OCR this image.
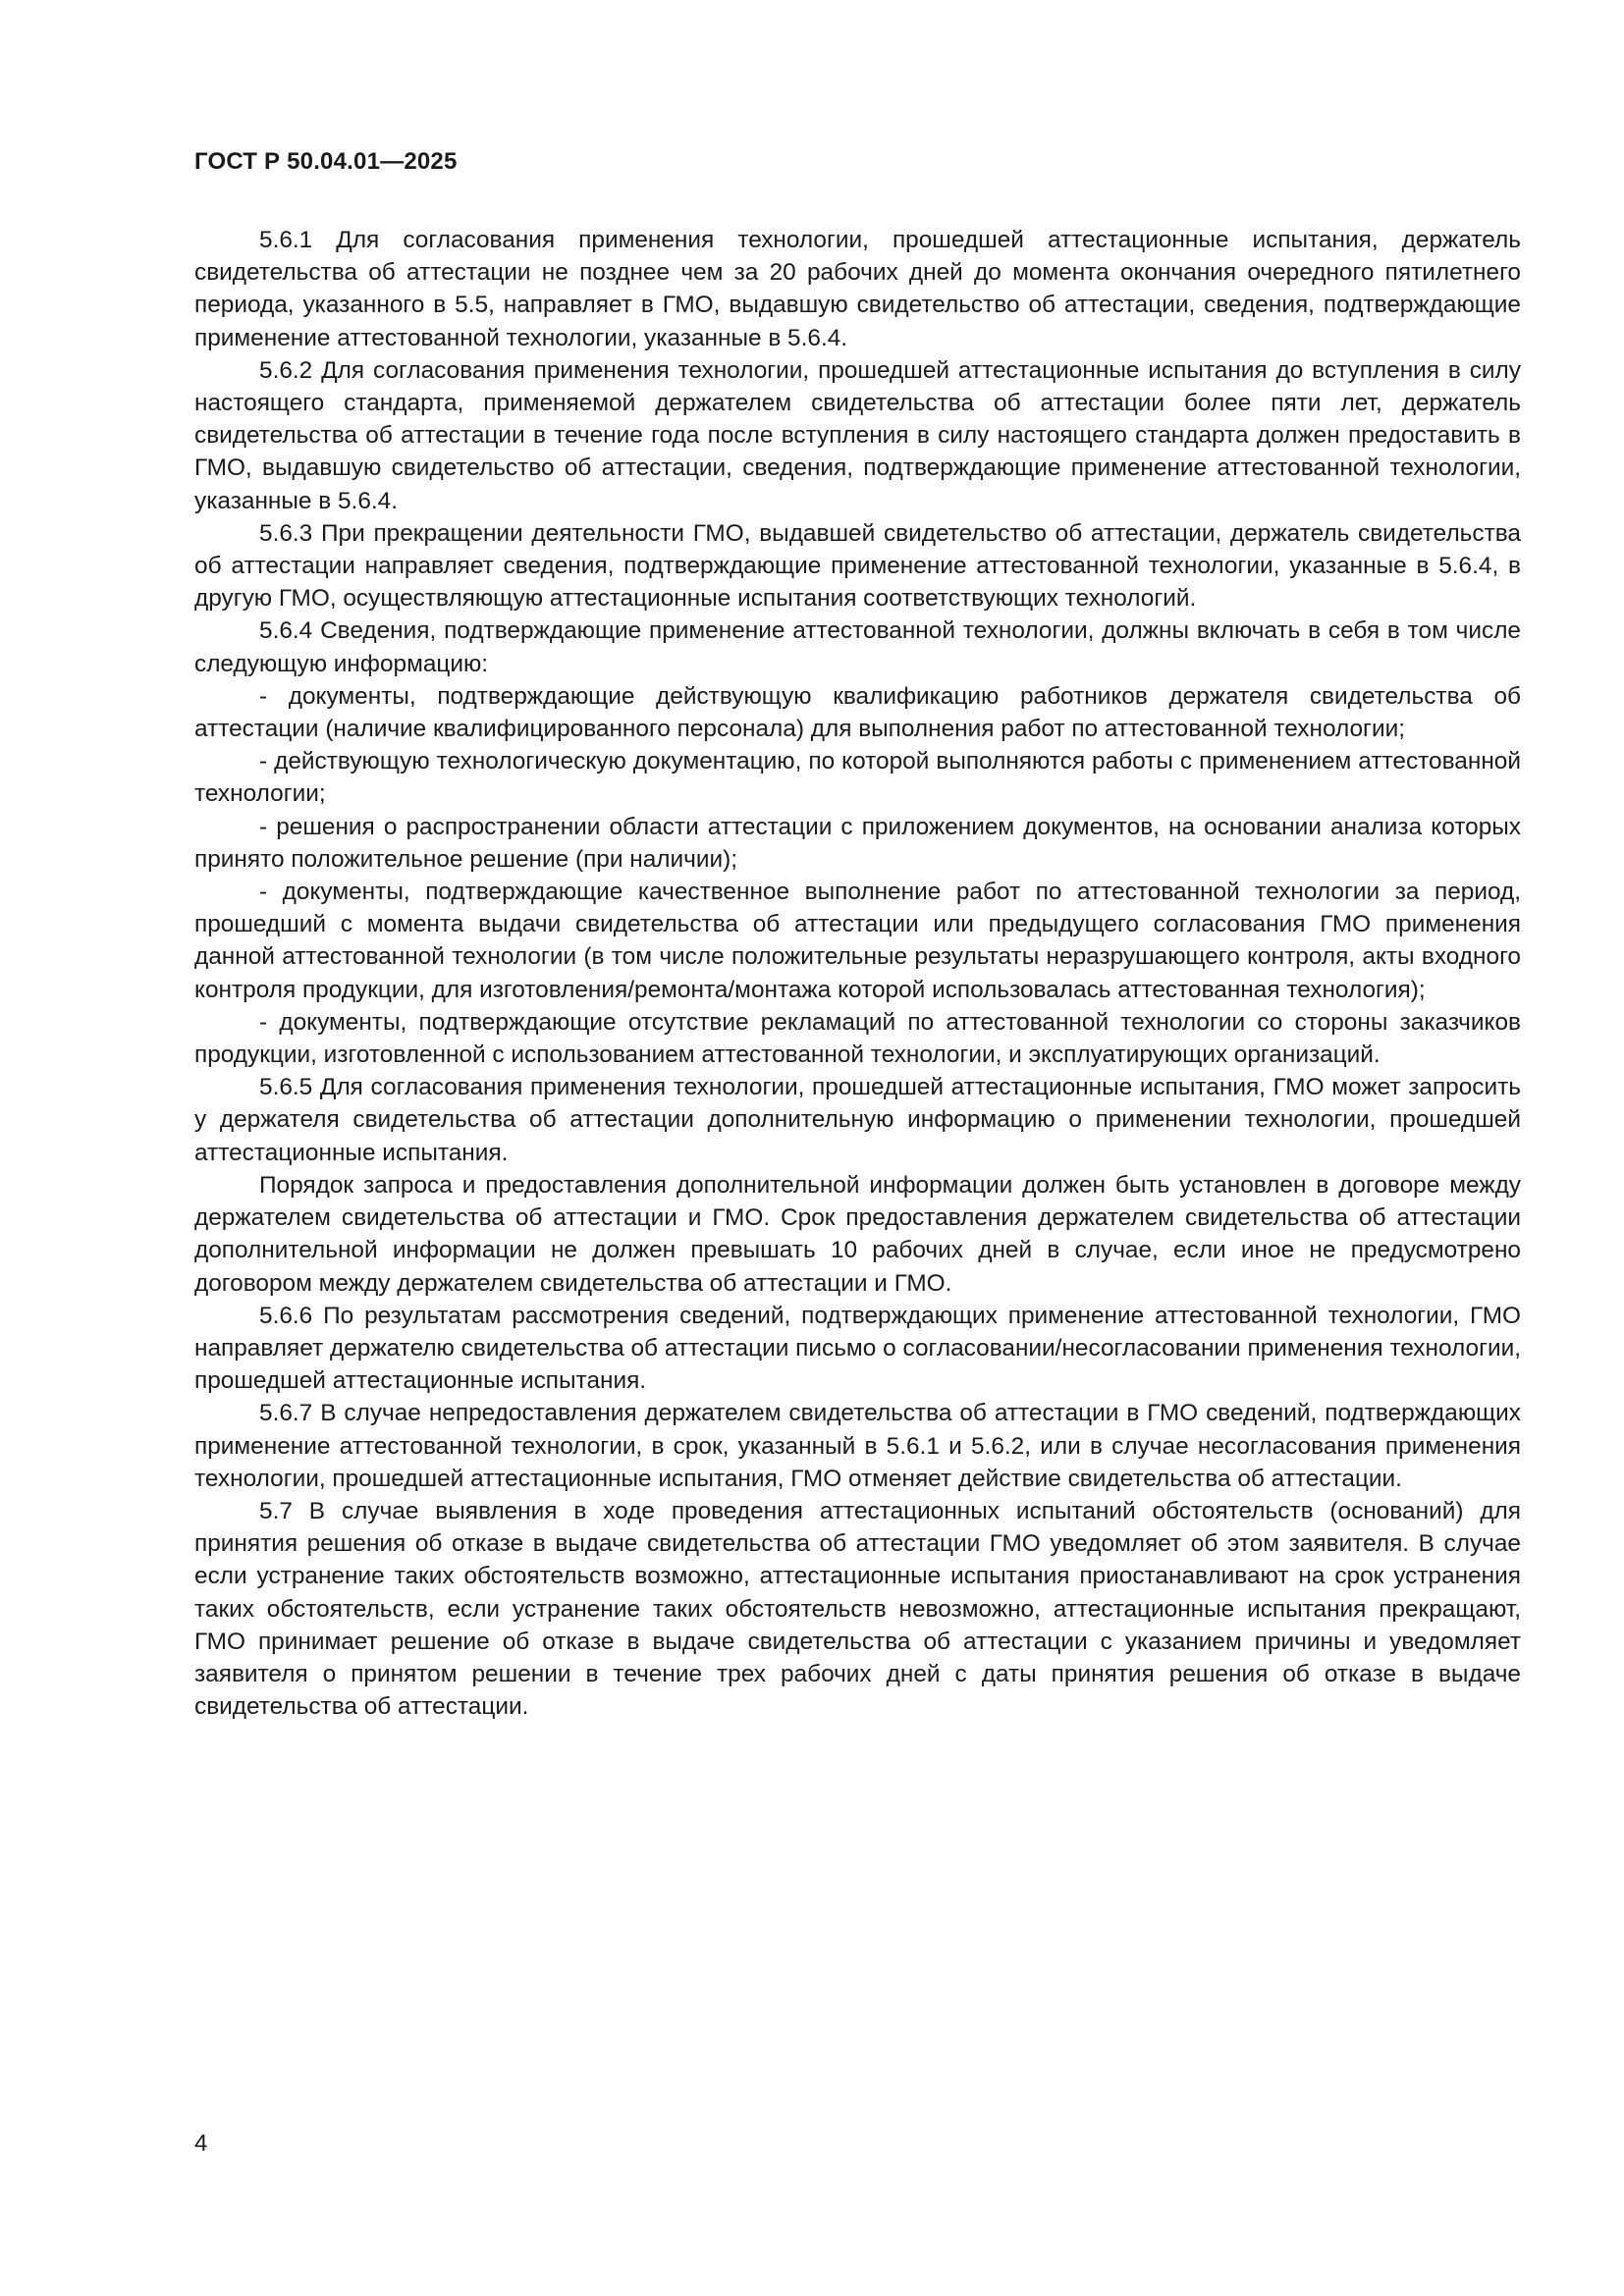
ГОСТ Р 50.04.01—2025

5.6.1 Для согласования применения технологии, прошедшей аттестационные испытания, держатель свидетельства об аттестации не позднее чем за 20 рабочих дней до момента окончания очередного пятилетнего периода, указанного в 5.5, направляет в ГМО, выдавшую свидетельство об аттестации, сведения, подтверждающие применение аттестованной технологии, указанные в 5.6.4.

5.6.2 Для согласования применения технологии, прошедшей аттестационные испытания до вступления в силу настоящего стандарта, применяемой держателем свидетельства об аттестации более пяти лет, держатель свидетельства об аттестации в течение года после вступления в силу настоящего стандарта должен предоставить в ГМО, выдавшую свидетельство об аттестации, сведения, подтверждающие применение аттестованной технологии, указанные в 5.6.4.

5.6.3 При прекращении деятельности ГМО, выдавшей свидетельство об аттестации, держатель свидетельства об аттестации направляет сведения, подтверждающие применение аттестованной технологии, указанные в 5.6.4, в другую ГМО, осуществляющую аттестационные испытания соответствующих технологий.

5.6.4 Сведения, подтверждающие применение аттестованной технологии, должны включать в себя в том числе следующую информацию:

- документы, подтверждающие действующую квалификацию работников держателя свидетельства об аттестации (наличие квалифицированного персонала) для выполнения работ по аттестованной технологии;

- действующую технологическую документацию, по которой выполняются работы с применением аттестованной технологии;

- решения о распространении области аттестации с приложением документов, на основании анализа которых принято положительное решение (при наличии);

- документы, подтверждающие качественное выполнение работ по аттестованной технологии за период, прошедший с момента выдачи свидетельства об аттестации или предыдущего согласования ГМО применения данной аттестованной технологии (в том числе положительные результаты неразрушающего контроля, акты входного контроля продукции, для изготовления/ремонта/монтажа которой использовалась аттестованная технология);

- документы, подтверждающие отсутствие рекламаций по аттестованной технологии со стороны заказчиков продукции, изготовленной с использованием аттестованной технологии, и эксплуатирующих организаций.

5.6.5 Для согласования применения технологии, прошедшей аттестационные испытания, ГМО может запросить у держателя свидетельства об аттестации дополнительную информацию о применении технологии, прошедшей аттестационные испытания.

Порядок запроса и предоставления дополнительной информации должен быть установлен в договоре между держателем свидетельства об аттестации и ГМО. Срок предоставления держателем свидетельства об аттестации дополнительной информации не должен превышать 10 рабочих дней в случае, если иное не предусмотрено договором между держателем свидетельства об аттестации и ГМО.

5.6.6 По результатам рассмотрения сведений, подтверждающих применение аттестованной технологии, ГМО направляет держателю свидетельства об аттестации письмо о согласовании/несогласовании применения технологии, прошедшей аттестационные испытания.

5.6.7 В случае непредоставления держателем свидетельства об аттестации в ГМО сведений, подтверждающих применение аттестованной технологии, в срок, указанный в 5.6.1 и 5.6.2, или в случае несогласования применения технологии, прошедшей аттестационные испытания, ГМО отменяет действие свидетельства об аттестации.

5.7 В случае выявления в ходе проведения аттестационных испытаний обстоятельств (оснований) для принятия решения об отказе в выдаче свидетельства об аттестации ГМО уведомляет об этом заявителя. В случае если устранение таких обстоятельств возможно, аттестационные испытания приостанавливают на срок устранения таких обстоятельств, если устранение таких обстоятельств невозможно, аттестационные испытания прекращают, ГМО принимает решение об отказе в выдаче свидетельства об аттестации с указанием причины и уведомляет заявителя о принятом решении в течение трех рабочих дней с даты принятия решения об отказе в выдаче свидетельства об аттестации.

4
